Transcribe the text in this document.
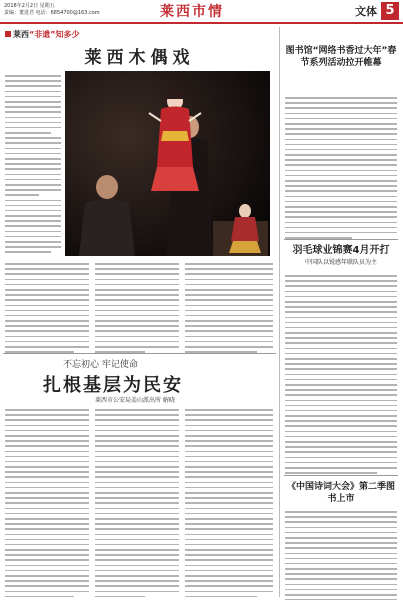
2018年2月2日 星期五
责编：董进君 电话：6854700@163.com	莱西市情	文体 5
莱西“非遗”知多少
莱西木偶戏
不忘初心 牢记使命
扎根基层为民安
莱西市公安局姜山派出所 解晓
图书馆“网络书香过大年”春节系列活动拉开帷幕
羽毛球业锦赛4月开打
中国队以锐感年联队员为主
《中国诗词大会》第二季图书上市
